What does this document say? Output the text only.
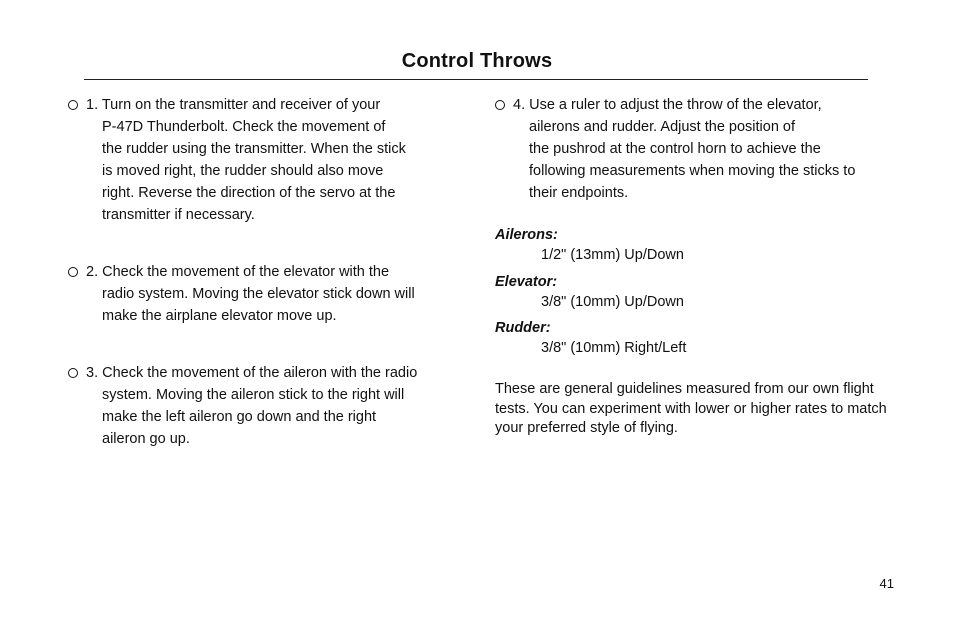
Control Throws
1. Turn on the transmitter and receiver of your
P-47D Thunderbolt. Check the movement of
the rudder using the transmitter. When the stick
is moved right, the rudder should also move
right. Reverse the direction of the servo at the
transmitter if necessary.
2. Check the movement of the elevator with the
radio system. Moving the elevator stick down will
make the airplane elevator move up.
3. Check the movement of the aileron with the radio
system. Moving the aileron stick to the right will
make the left aileron go down and the right
aileron go up.
4. Use a ruler to adjust the throw of the elevator,
ailerons and rudder. Adjust the position of
the pushrod at the control horn to achieve the
following measurements when moving the sticks to
their endpoints.
Ailerons:
1/2" (13mm) Up/Down
Elevator:
3/8" (10mm) Up/Down
Rudder:
3/8" (10mm) Right/Left
These are general guidelines measured from our own flight
tests. You can experiment with lower or higher rates to match
your preferred style of flying.
41
